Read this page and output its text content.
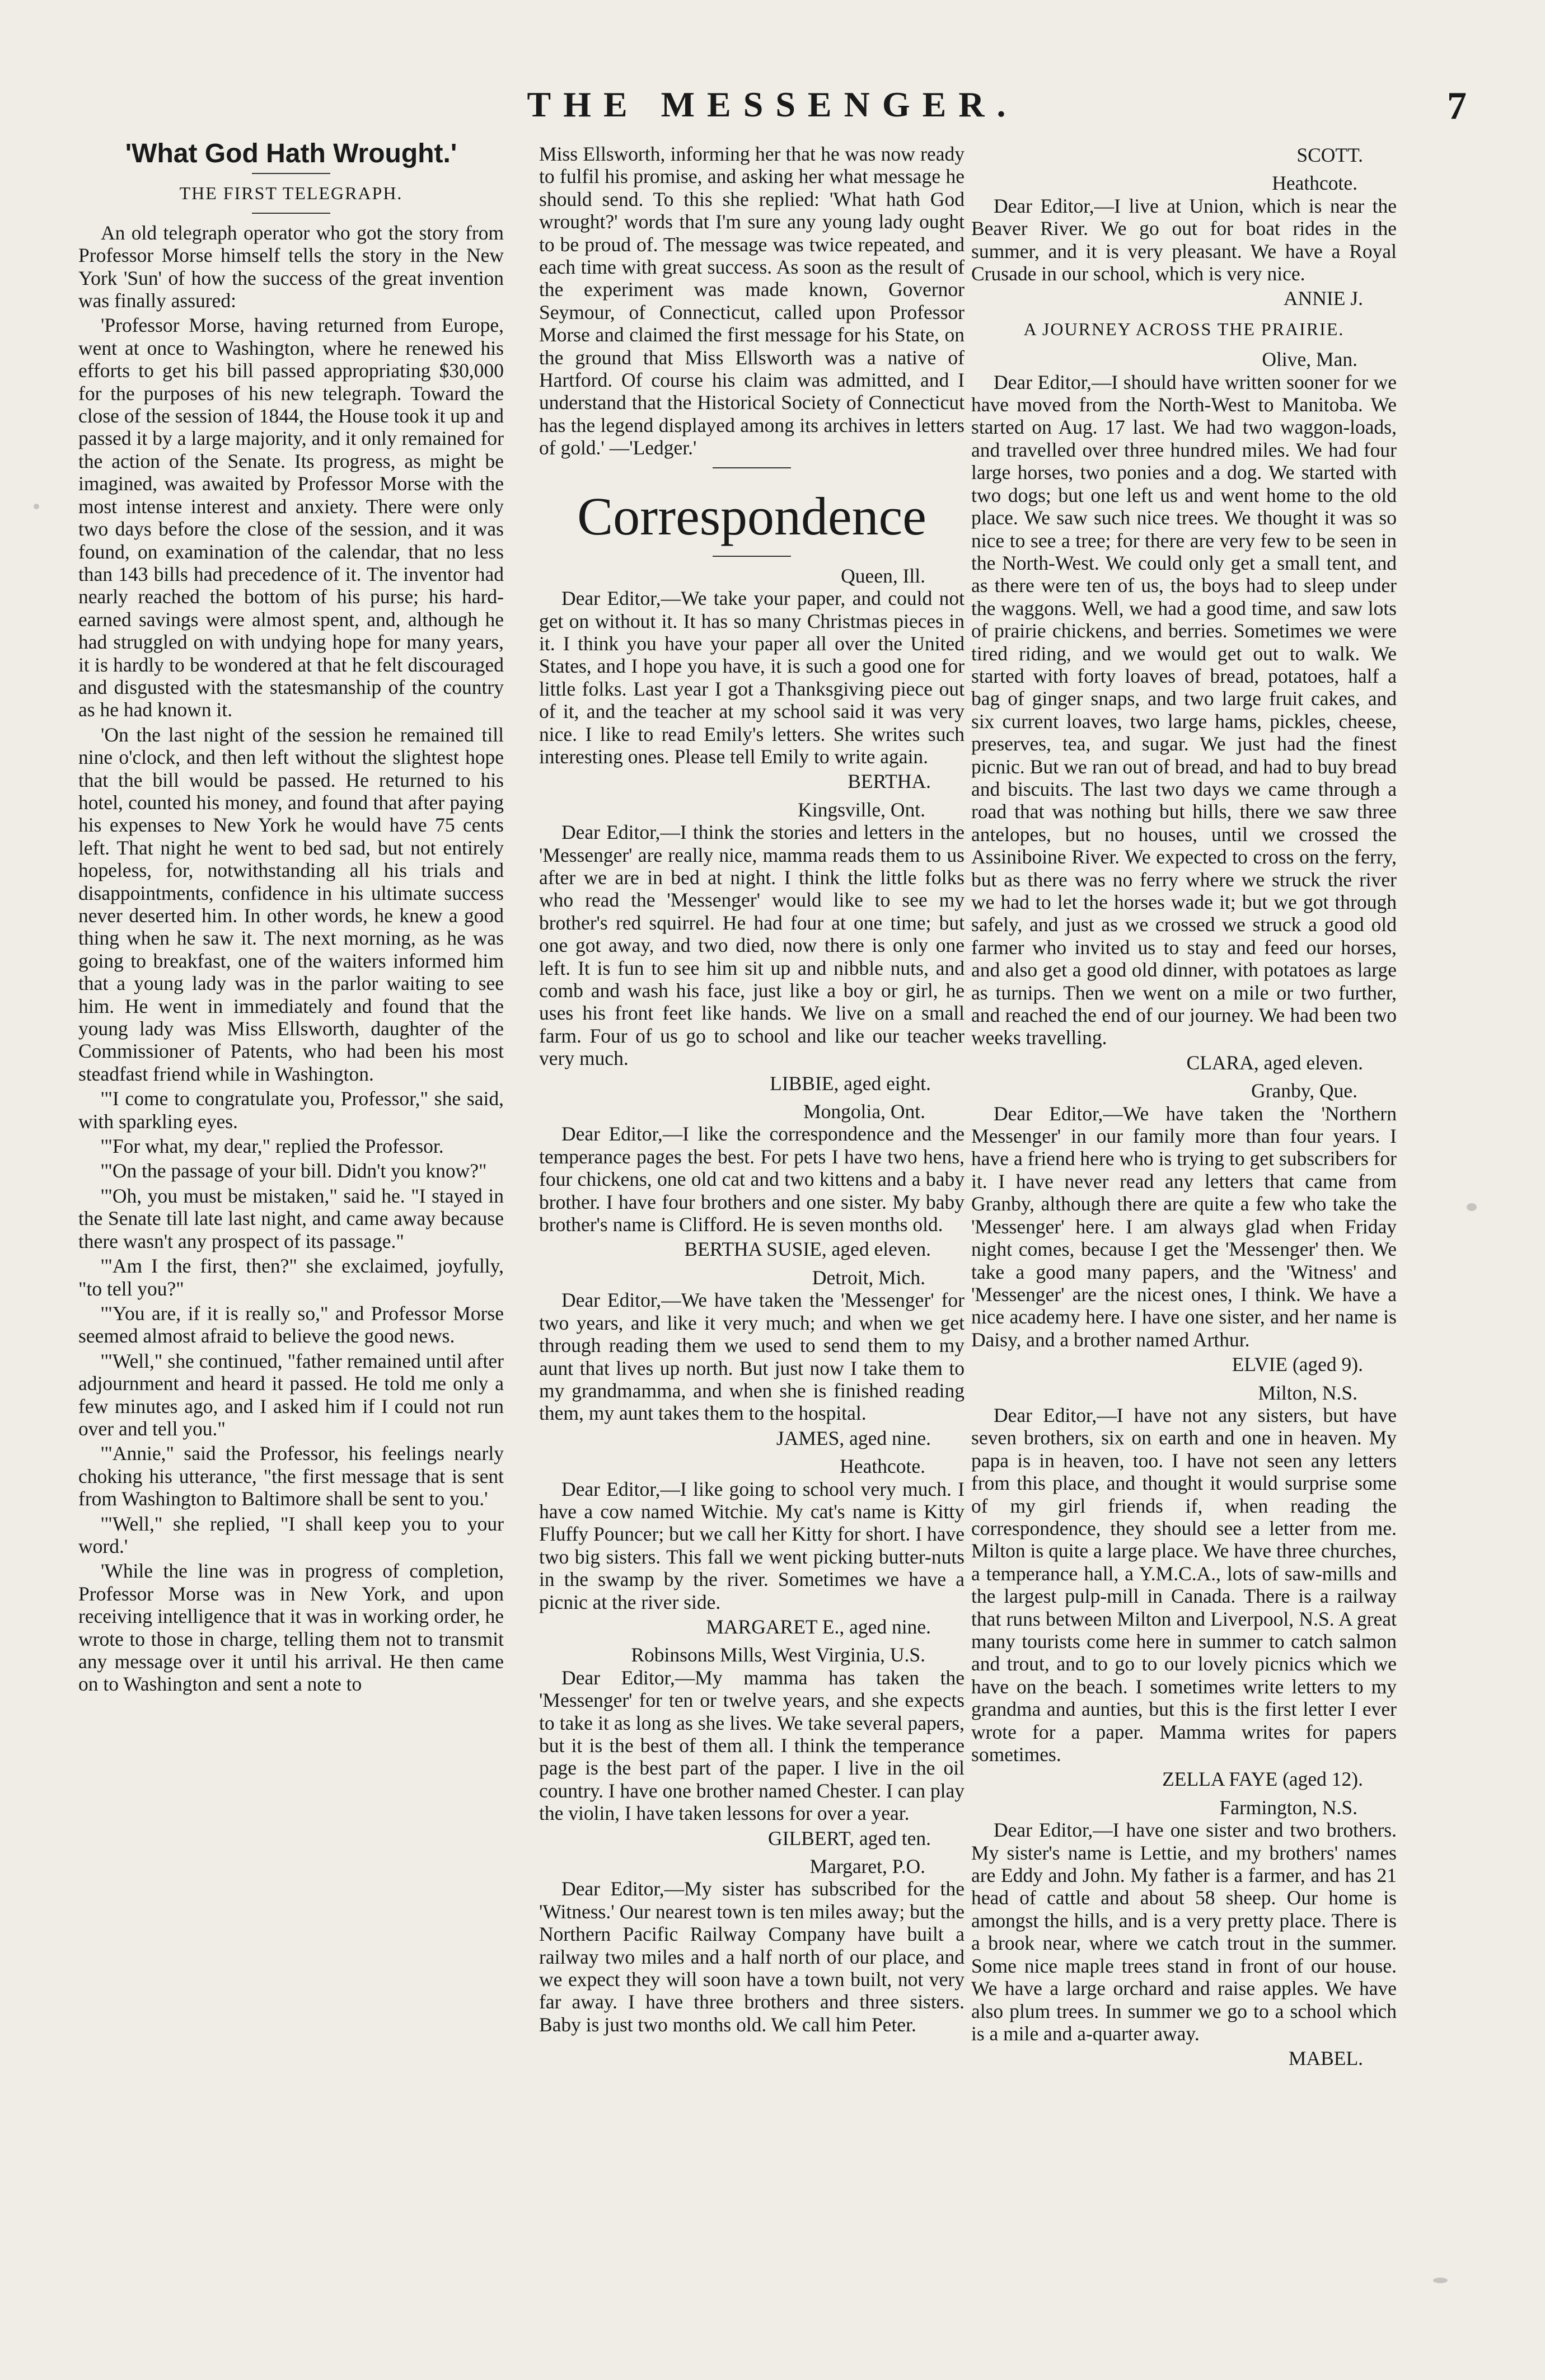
THE MESSENGER.	7
'What God Hath Wrought.'
THE FIRST TELEGRAPH.

An old telegraph operator who got the story from Professor Morse himself tells the story in the New York 'Sun' of how the success of the great invention was finally assured:

'Professor Morse, having returned from Europe, went at once to Washington, where he renewed his efforts to get his bill passed appropriating $30,000 for the purposes of his new telegraph. Toward the close of the session of 1844, the House took it up and passed it by a large majority, and it only remained for the action of the Senate. Its progress, as might be imagined, was awaited by Professor Morse with the most intense interest and anxiety. There were only two days before the close of the session, and it was found, on examination of the calendar, that no less than 143 bills had precedence of it. The inventor had nearly reached the bottom of his purse; his hard-earned savings were almost spent, and, although he had struggled on with undying hope for many years, it is hardly to be wondered at that he felt discouraged and disgusted with the statesmanship of the country as he had known it.

'On the last night of the session he remained till nine o'clock, and then left without the slightest hope that the bill would be passed. He returned to his hotel, counted his money, and found that after paying his expenses to New York he would have 75 cents left. That night he went to bed sad, but not entirely hopeless, for, notwithstanding all his trials and disappointments, confidence in his ultimate success never deserted him. In other words, he knew a good thing when he saw it. The next morning, as he was going to breakfast, one of the waiters informed him that a young lady was in the parlor waiting to see him. He went in immediately and found that the young lady was Miss Ellsworth, daughter of the Commissioner of Patents, who had been his most steadfast friend while in Washington.

'"I come to congratulate you, Professor," she said, with sparkling eyes.

'"For what, my dear," replied the Professor.

'"On the passage of your bill. Didn't you know?"

'"Oh, you must be mistaken," said he. "I stayed in the Senate till late last night, and came away because there wasn't any prospect of its passage."

'"Am I the first, then?" she exclaimed, joyfully, "to tell you?"

'"You are, if it is really so," and Professor Morse seemed almost afraid to believe the good news.

'"Well," she continued, "father remained until after adjournment and heard it passed. He told me only a few minutes ago, and I asked him if I could not run over and tell you."

'"Annie," said the Professor, his feelings nearly choking his utterance, "the first message that is sent from Washington to Baltimore shall be sent to you.'

'"Well," she replied, "I shall keep you to your word.'

'While the line was in progress of completion, Professor Morse was in New York, and upon receiving intelligence that it was in working order, he wrote to those in charge, telling them not to transmit any message over it until his arrival. He then came on to Washington and sent a note to

Miss Ellsworth, informing her that he was now ready to fulfil his promise, and asking her what message he should send. To this she replied: 'What hath God wrought?' words that I'm sure any young lady ought to be proud of. The message was twice repeated, and each time with great success. As soon as the result of the experiment was made known, Governor Seymour, of Connecticut, called upon Professor Morse and claimed the first message for his State, on the ground that Miss Ellsworth was a native of Hartford. Of course his claim was admitted, and I understand that the Historical Society of Connecticut has the legend displayed among its archives in letters of gold.' —'Ledger.'

Correspondence
Queen, Ill.

Dear Editor,—We take your paper, and could not get on without it. It has so many Christmas pieces in it. I think you have your paper all over the United States, and I hope you have, it is such a good one for little folks. Last year I got a Thanksgiving piece out of it, and the teacher at my school said it was very nice. I like to read Emily's letters. She writes such interesting ones. Please tell Emily to write again.

BERTHA.
Kingsville, Ont.

Dear Editor,—I think the stories and letters in the 'Messenger' are really nice, mamma reads them to us after we are in bed at night. I think the little folks who read the 'Messenger' would like to see my brother's red squirrel. He had four at one time; but one got away, and two died, now there is only one left. It is fun to see him sit up and nibble nuts, and comb and wash his face, just like a boy or girl, he uses his front feet like hands. We live on a small farm. Four of us go to school and like our teacher very much.

LIBBIE, aged eight.
Mongolia, Ont.

Dear Editor,—I like the correspondence and the temperance pages the best. For pets I have two hens, four chickens, one old cat and two kittens and a baby brother. I have four brothers and one sister. My baby brother's name is Clifford. He is seven months old.

BERTHA SUSIE, aged eleven.
Detroit, Mich.

Dear Editor,—We have taken the 'Messenger' for two years, and like it very much; and when we get through reading them we used to send them to my aunt that lives up north. But just now I take them to my grandmamma, and when she is finished reading them, my aunt takes them to the hospital.

JAMES, aged nine.
Heathcote.

Dear Editor,—I like going to school very much. I have a cow named Witchie. My cat's name is Kitty Fluffy Pouncer; but we call her Kitty for short. I have two big sisters. This fall we went picking butter-nuts in the swamp by the river. Sometimes we have a picnic at the river side.

MARGARET E., aged nine.
Robinsons Mills, West Virginia, U.S.

Dear Editor,—My mamma has taken the 'Messenger' for ten or twelve years, and she expects to take it as long as she lives. We take several papers, but it is the best of them all. I think the temperance page is the best part of the paper. I live in the oil country. I have one brother named Chester. I can play the violin, I have taken lessons for over a year.

GILBERT, aged ten.
Margaret, P.O.

Dear Editor,—My sister has subscribed for the 'Witness.' Our nearest town is ten miles away; but the Northern Pacific Railway Company have built a railway two miles and a half north of our place, and we expect they will soon have a town built, not very far away. I have three brothers and three sisters. Baby is just two months old. We call him Peter.

SCOTT.
Heathcote.

Dear Editor,—I live at Union, which is near the Beaver River. We go out for boat rides in the summer, and it is very pleasant. We have a Royal Crusade in our school, which is very nice.

ANNIE J.
A JOURNEY ACROSS THE PRAIRIE.
Olive, Man.

Dear Editor,—I should have written sooner for we have moved from the North-West to Manitoba. We started on Aug. 17 last. We had two waggon-loads, and travelled over three hundred miles. We had four large horses, two ponies and a dog. We started with two dogs; but one left us and went home to the old place. We saw such nice trees. We thought it was so nice to see a tree; for there are very few to be seen in the North-West. We could only get a small tent, and as there were ten of us, the boys had to sleep under the waggons. Well, we had a good time, and saw lots of prairie chickens, and berries. Sometimes we were tired riding, and we would get out to walk. We started with forty loaves of bread, potatoes, half a bag of ginger snaps, and two large fruit cakes, and six current loaves, two large hams, pickles, cheese, preserves, tea, and sugar. We just had the finest picnic. But we ran out of bread, and had to buy bread and biscuits. The last two days we came through a road that was nothing but hills, there we saw three antelopes, but no houses, until we crossed the Assiniboine River. We expected to cross on the ferry, but as there was no ferry where we struck the river we had to let the horses wade it; but we got through safely, and just as we crossed we struck a good old farmer who invited us to stay and feed our horses, and also get a good old dinner, with potatoes as large as turnips. Then we went on a mile or two further, and reached the end of our journey. We had been two weeks travelling.

CLARA, aged eleven.
Granby, Que.

Dear Editor,—We have taken the 'Northern Messenger' in our family more than four years. I have a friend here who is trying to get subscribers for it. I have never read any letters that came from Granby, although there are quite a few who take the 'Messenger' here. I am always glad when Friday night comes, because I get the 'Messenger' then. We take a good many papers, and the 'Witness' and 'Messenger' are the nicest ones, I think. We have a nice academy here. I have one sister, and her name is Daisy, and a brother named Arthur.

ELVIE (aged 9).
Milton, N.S.

Dear Editor,—I have not any sisters, but have seven brothers, six on earth and one in heaven. My papa is in heaven, too. I have not seen any letters from this place, and thought it would surprise some of my girl friends if, when reading the correspondence, they should see a letter from me. Milton is quite a large place. We have three churches, a temperance hall, a Y.M.C.A., lots of saw-mills and the largest pulp-mill in Canada. There is a railway that runs between Milton and Liverpool, N.S. A great many tourists come here in summer to catch salmon and trout, and to go to our lovely picnics which we have on the beach. I sometimes write letters to my grandma and aunties, but this is the first letter I ever wrote for a paper. Mamma writes for papers sometimes.

ZELLA FAYE (aged 12).
Farmington, N.S.

Dear Editor,—I have one sister and two brothers. My sister's name is Lettie, and my brothers' names are Eddy and John. My father is a farmer, and has 21 head of cattle and about 58 sheep. Our home is amongst the hills, and is a very pretty place. There is a brook near, where we catch trout in the summer. Some nice maple trees stand in front of our house. We have a large orchard and raise apples. We have also plum trees. In summer we go to a school which is a mile and a-quarter away.

MABEL.
